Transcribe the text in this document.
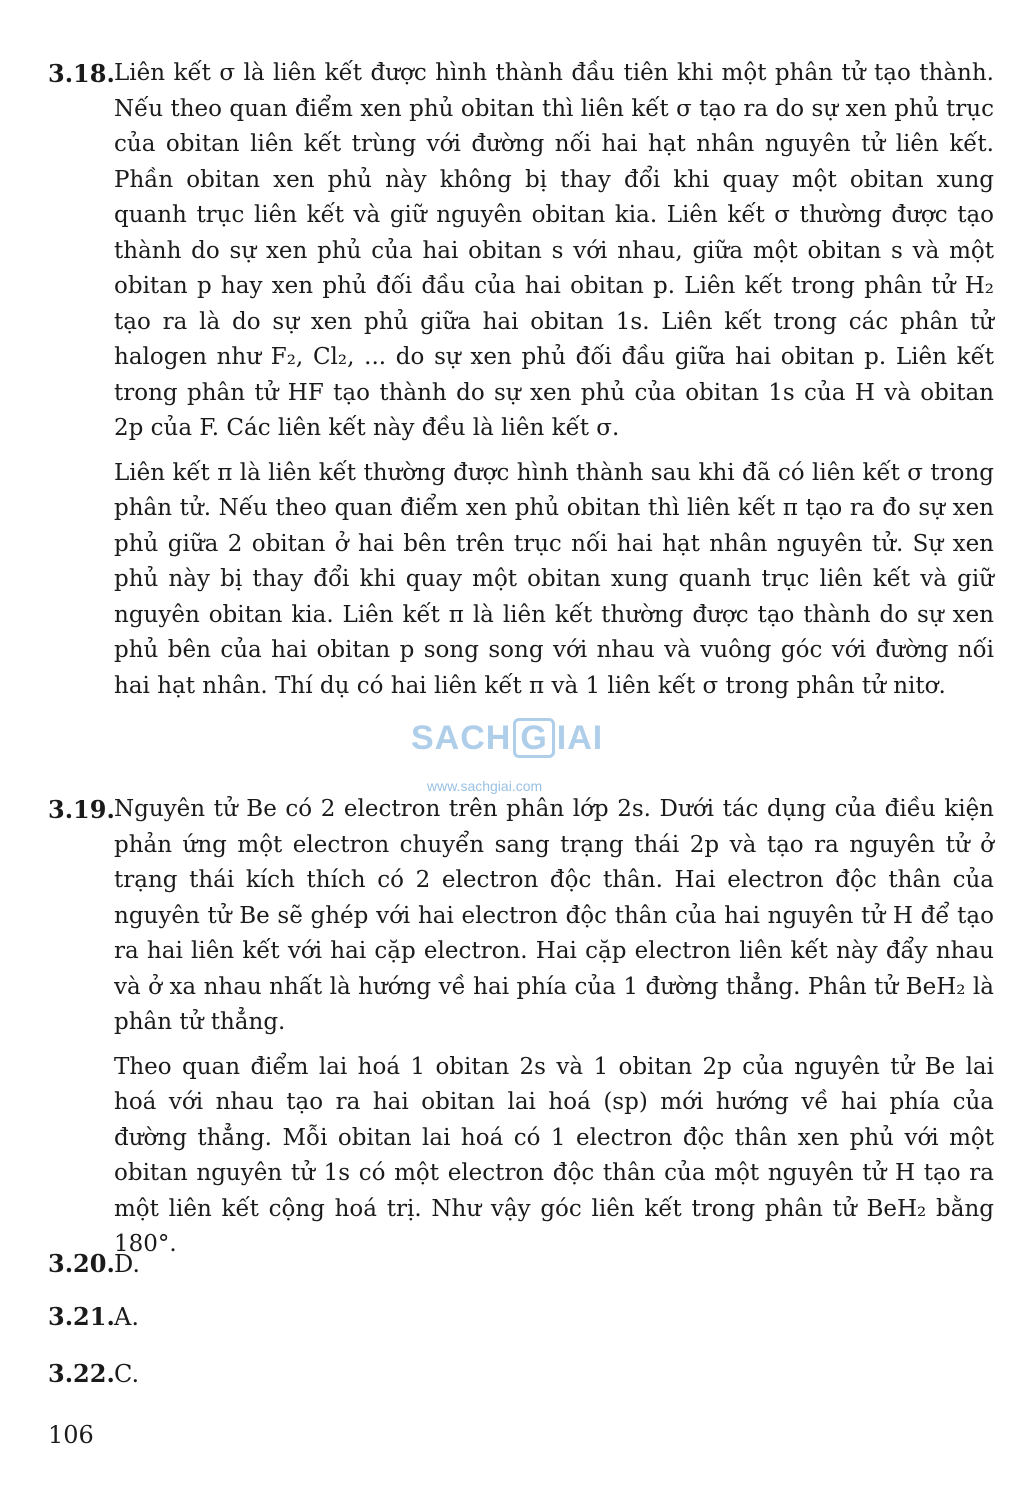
3.18. Liên kết σ là liên kết được hình thành đầu tiên khi một phân tử tạo thành. Nếu theo quan điểm xen phủ obitan thì liên kết σ tạo ra do sự xen phủ trục của obitan liên kết trùng với đường nối hai hạt nhân nguyên tử liên kết. Phần obitan xen phủ này không bị thay đổi khi quay một obitan xung quanh trục liên kết và giữ nguyên obitan kia. Liên kết σ thường được tạo thành do sự xen phủ của hai obitan s với nhau, giữa một obitan s và một obitan p hay xen phủ đối đầu của hai obitan p. Liên kết trong phân tử H₂ tạo ra là do sự xen phủ giữa hai obitan 1s. Liên kết trong các phân tử halogen như F₂, Cl₂, ... do sự xen phủ đối đầu giữa hai obitan p. Liên kết trong phân tử HF tạo thành do sự xen phủ của obitan 1s của H và obitan 2p của F. Các liên kết này đều là liên kết σ.

Liên kết π là liên kết thường được hình thành sau khi đã có liên kết σ trong phân tử. Nếu theo quan điểm xen phủ obitan thì liên kết π tạo ra đo sự xen phủ giữa 2 obitan ở hai bên trên trục nối hai hạt nhân nguyên tử. Sự xen phủ này bị thay đổi khi quay một obitan xung quanh trục liên kết và giữ nguyên obitan kia. Liên kết π là liên kết thường được tạo thành do sự xen phủ bên của hai obitan p song song với nhau và vuông góc với đường nối hai hạt nhân. Thí dụ có hai liên kết π và 1 liên kết σ trong phân tử nitơ.

3.19. Nguyên tử Be có 2 electron trên phân lớp 2s. Dưới tác dụng của điều kiện phản ứng một electron chuyển sang trạng thái 2p và tạo ra nguyên tử ở trạng thái kích thích có 2 electron độc thân. Hai electron độc thân của nguyên tử Be sẽ ghép với hai electron độc thân của hai nguyên tử H để tạo ra hai liên kết với hai cặp electron. Hai cặp electron liên kết này đẩy nhau và ở xa nhau nhất là hướng về hai phía của 1 đường thẳng. Phân tử BeH₂ là phân tử thẳng.

Theo quan điểm lai hoá 1 obitan 2s và 1 obitan 2p của nguyên tử Be lai hoá với nhau tạo ra hai obitan lai hoá (sp) mới hướng về hai phía của đường thẳng. Mỗi obitan lai hoá có 1 electron độc thân xen phủ với một obitan nguyên tử 1s có một electron độc thân của một nguyên tử H tạo ra một liên kết cộng hoá trị. Như vậy góc liên kết trong phân tử BeH₂ bằng 180°.

3.20.D.
3.21.A.
3.22.C.
106
SACH G IAI
www.sachgiai.com
